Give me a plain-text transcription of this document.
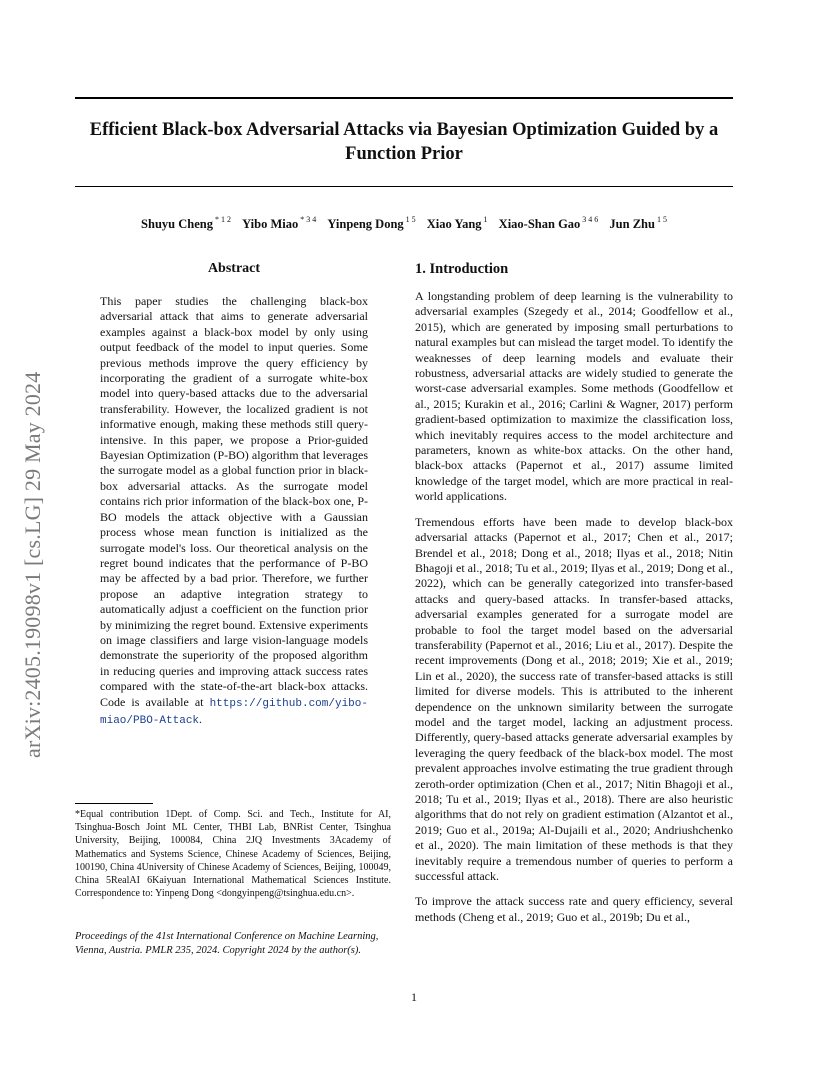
arXiv:2405.19098v1 [cs.LG] 29 May 2024
Efficient Black-box Adversarial Attacks via Bayesian Optimization Guided by a Function Prior
Shuyu Cheng $^{* 1 2}$ Yibo Miao $^{* 3 4}$ Yinpeng Dong $^{1 5}$ Xiao Yang $^1$ Xiao-Shan Gao $^{3 4 6}$ Jun Zhu $^{1 5}$
Abstract

This paper studies the challenging black-box adversarial attack that aims to generate adversarial examples against a black-box model by only using output feedback of the model to input queries. Some previous methods improve the query efficiency by incorporating the gradient of a surrogate white-box model into query-based attacks due to the adversarial transferability. However, the localized gradient is not informative enough, making these methods still query-intensive. In this paper, we propose a Prior-guided Bayesian Optimization (P-BO) algorithm that leverages the surrogate model as a global function prior in black-box adversarial attacks. As the surrogate model contains rich prior information of the black-box one, P-BO models the attack objective with a Gaussian process whose mean function is initialized as the surrogate model's loss. Our theoretical analysis on the regret bound indicates that the performance of P-BO may be affected by a bad prior. Therefore, we further propose an adaptive integration strategy to automatically adjust a coefficient on the function prior by minimizing the regret bound. Extensive experiments on image classifiers and large vision-language models demonstrate the superiority of the proposed algorithm in reducing queries and improving attack success rates compared with the state-of-the-art black-box attacks. Code is available at https://github.com/yibo-miao/PBO-Attack.

*Equal contribution 1Dept. of Comp. Sci. and Tech., Institute for AI, Tsinghua-Bosch Joint ML Center, THBI Lab, BNRist Center, Tsinghua University, Beijing, 100084, China 2JQ Investments 3Academy of Mathematics and Systems Science, Chinese Academy of Sciences, Beijing, 100190, China 4University of Chinese Academy of Sciences, Beijing, 100049, China 5RealAI 6Kaiyuan International Mathematical Sciences Institute. Correspondence to: Yinpeng Dong <dongyinpeng@tsinghua.edu.cn>.

Proceedings of the 41st International Conference on Machine Learning, Vienna, Austria. PMLR 235, 2024. Copyright 2024 by the author(s).

1. Introduction

A longstanding problem of deep learning is the vulnerability to adversarial examples (Szegedy et al., 2014; Goodfellow et al., 2015), which are generated by imposing small perturbations to natural examples but can mislead the target model. To identify the weaknesses of deep learning models and evaluate their robustness, adversarial attacks are widely studied to generate the worst-case adversarial examples. Some methods (Goodfellow et al., 2015; Kurakin et al., 2016; Carlini & Wagner, 2017) perform gradient-based optimization to maximize the classification loss, which inevitably requires access to the model architecture and parameters, known as white-box attacks. On the other hand, black-box attacks (Papernot et al., 2017) assume limited knowledge of the target model, which are more practical in real-world applications.

Tremendous efforts have been made to develop black-box adversarial attacks (Papernot et al., 2017; Chen et al., 2017; Brendel et al., 2018; Dong et al., 2018; Ilyas et al., 2018; Nitin Bhagoji et al., 2018; Tu et al., 2019; Ilyas et al., 2019; Dong et al., 2022), which can be generally categorized into transfer-based attacks and query-based attacks. In transfer-based attacks, adversarial examples generated for a surrogate model are probable to fool the target model based on the adversarial transferability (Papernot et al., 2016; Liu et al., 2017). Despite the recent improvements (Dong et al., 2018; 2019; Xie et al., 2019; Lin et al., 2020), the success rate of transfer-based attacks is still limited for diverse models. This is attributed to the inherent dependence on the unknown similarity between the surrogate model and the target model, lacking an adjustment process. Differently, query-based attacks generate adversarial examples by leveraging the query feedback of the black-box model. The most prevalent approaches involve estimating the true gradient through zeroth-order optimization (Chen et al., 2017; Nitin Bhagoji et al., 2018; Tu et al., 2019; Ilyas et al., 2018). There are also heuristic algorithms that do not rely on gradient estimation (Alzantot et al., 2019; Guo et al., 2019a; Al-Dujaili et al., 2020; Andriushchenko et al., 2020). The main limitation of these methods is that they inevitably require a tremendous number of queries to perform a successful attack.

To improve the attack success rate and query efficiency, several methods (Cheng et al., 2019; Guo et al., 2019b; Du et al.,

1
